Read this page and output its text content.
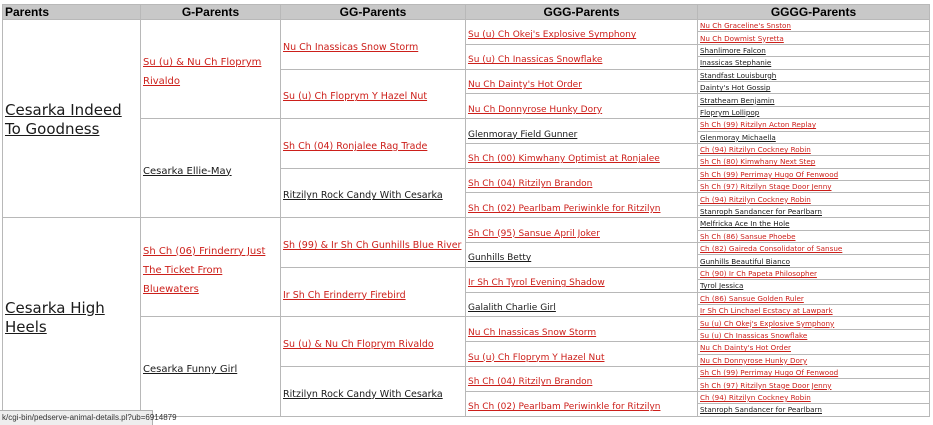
Parents	G-Parents	GG-Parents	GGG-Parents	GGGG-Parents
Cesarka Indeed To Goodness	Su (u) & Nu Ch Floprym Rivaldo	Nu Ch Inassicas Snow Storm	Su (u) Ch Okej's Explosive Symphony	Nu Ch Graceline's Snston

				Nu Ch Dowmist Syretta

			Su (u) Ch Inassicas Snowflake	Shanlimore Falcon

				Inassicas Stephanie

		Su (u) Ch Floprym Y Hazel Nut	Nu Ch Dainty's Hot Order	Standfast Louisburgh

				Dainty's Hot Gossip

			Nu Ch Donnyrose Hunky Dory	Strathearn Benjamin

				Floprym Lollipop

	Cesarka Ellie-May	Sh Ch (04) Ronjalee Rag Trade	Glenmoray Field Gunner	Sh Ch (99) Ritzilyn Acton Replay

				Glenmoray Michaella

			Sh Ch (00) Kimwhany Optimist at Ronjalee	Ch (94) Ritzilyn Cockney Robin

				Sh Ch (80) Kimwhany Next Step

		Ritzilyn Rock Candy With Cesarka	Sh Ch (04) Ritzilyn Brandon	Sh Ch (99) Perrimay Hugo Of Fenwood

				Sh Ch (97) Ritzilyn Stage Door Jenny

			Sh Ch (02) Pearlbam Periwinkle for Ritzilyn	Ch (94) Ritzilyn Cockney Robin

				Stanroph Sandancer for Pearlbarn

Cesarka High Heels	Sh Ch (06) Frinderry Just The Ticket From Bluewaters	Sh (99) & Ir Sh Ch Gunhills Blue River	Sh Ch (95) Sansue April Joker	Melfricka Ace In the Hole

				Sh Ch (86) Sansue Phoebe

			Gunhills Betty	Ch (82) Gaireda Consolidator of Sansue

				Gunhills Beautiful Bianco

		Ir Sh Ch Erinderry Firebird	Ir Sh Ch Tyrol Evening Shadow	Ch (90) Ir Ch Papeta Philosopher

				Tyrol Jessica

			Galalith Charlie Girl	Ch (86) Sansue Golden Ruler

				Ir Sh Ch Linchael Ecstacy at Lawpark

	Cesarka Funny Girl	Su (u) & Nu Ch Floprym Rivaldo	Nu Ch Inassicas Snow Storm	Su (u) Ch Okej's Explosive Symphony

				Su (u) Ch Inassicas Snowflake

			Su (u) Ch Floprym Y Hazel Nut	Nu Ch Dainty's Hot Order

				Nu Ch Donnyrose Hunky Dory

		Ritzilyn Rock Candy With Cesarka	Sh Ch (04) Ritzilyn Brandon	Sh Ch (99) Perrimay Hugo Of Fenwood

				Sh Ch (97) Ritzilyn Stage Door Jenny

			Sh Ch (02) Pearlbam Periwinkle for Ritzilyn	Ch (94) Ritzilyn Cockney Robin

				Stanroph Sandancer for Pearlbarn
k/cgi-bin/pedserve-animal-details.pl?ub=6914879
